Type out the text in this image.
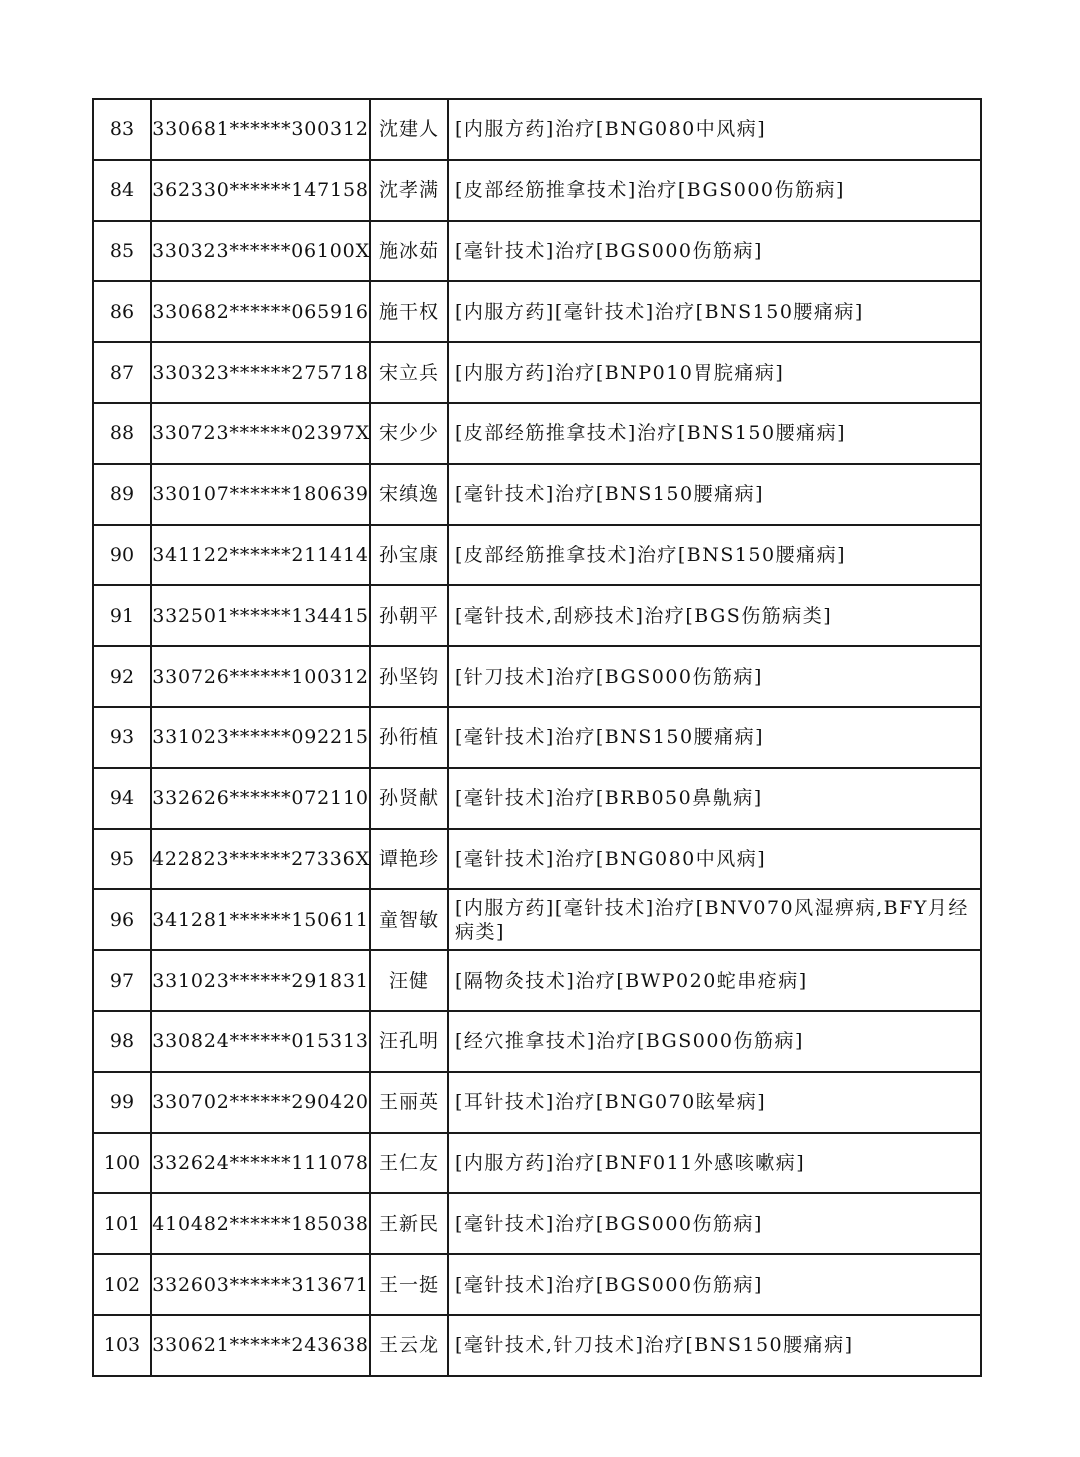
83	330681******300312	沈建人	[内服方药]治疗[BNG080中风病]
84	362330******147158	沈孝满	[皮部经筋推拿技术]治疗[BGS000伤筋病]
85	330323******06100X	施冰茹	[毫针技术]治疗[BGS000伤筋病]
86	330682******065916	施干权	[内服方药][毫针技术]治疗[BNS150腰痛病]
87	330323******275718	宋立兵	[内服方药]治疗[BNP010胃脘痛病]
88	330723******02397X	宋少少	[皮部经筋推拿技术]治疗[BNS150腰痛病]
89	330107******180639	宋缜逸	[毫针技术]治疗[BNS150腰痛病]
90	341122******211414	孙宝康	[皮部经筋推拿技术]治疗[BNS150腰痛病]
91	332501******134415	孙朝平	[毫针技术,刮痧技术]治疗[BGS伤筋病类]
92	330726******100312	孙坚钧	[针刀技术]治疗[BGS000伤筋病]
93	331023******092215	孙衎植	[毫针技术]治疗[BNS150腰痛病]
94	332626******072110	孙贤献	[毫针技术]治疗[BRB050鼻鼽病]
95	422823******27336X	谭艳珍	[毫针技术]治疗[BNG080中风病]
96	341281******150611	童智敏	[内服方药][毫针技术]治疗[BNV070风湿痹病,BFY月经病类]
97	331023******291831	汪健	[隔物灸技术]治疗[BWP020蛇串疮病]
98	330824******015313	汪孔明	[经穴推拿技术]治疗[BGS000伤筋病]
99	330702******290420	王丽英	[耳针技术]治疗[BNG070眩晕病]
100	332624******111078	王仁友	[内服方药]治疗[BNF011外感咳嗽病]
101	410482******185038	王新民	[毫针技术]治疗[BGS000伤筋病]
102	332603******313671	王一挺	[毫针技术]治疗[BGS000伤筋病]
103	330621******243638	王云龙	[毫针技术,针刀技术]治疗[BNS150腰痛病]
